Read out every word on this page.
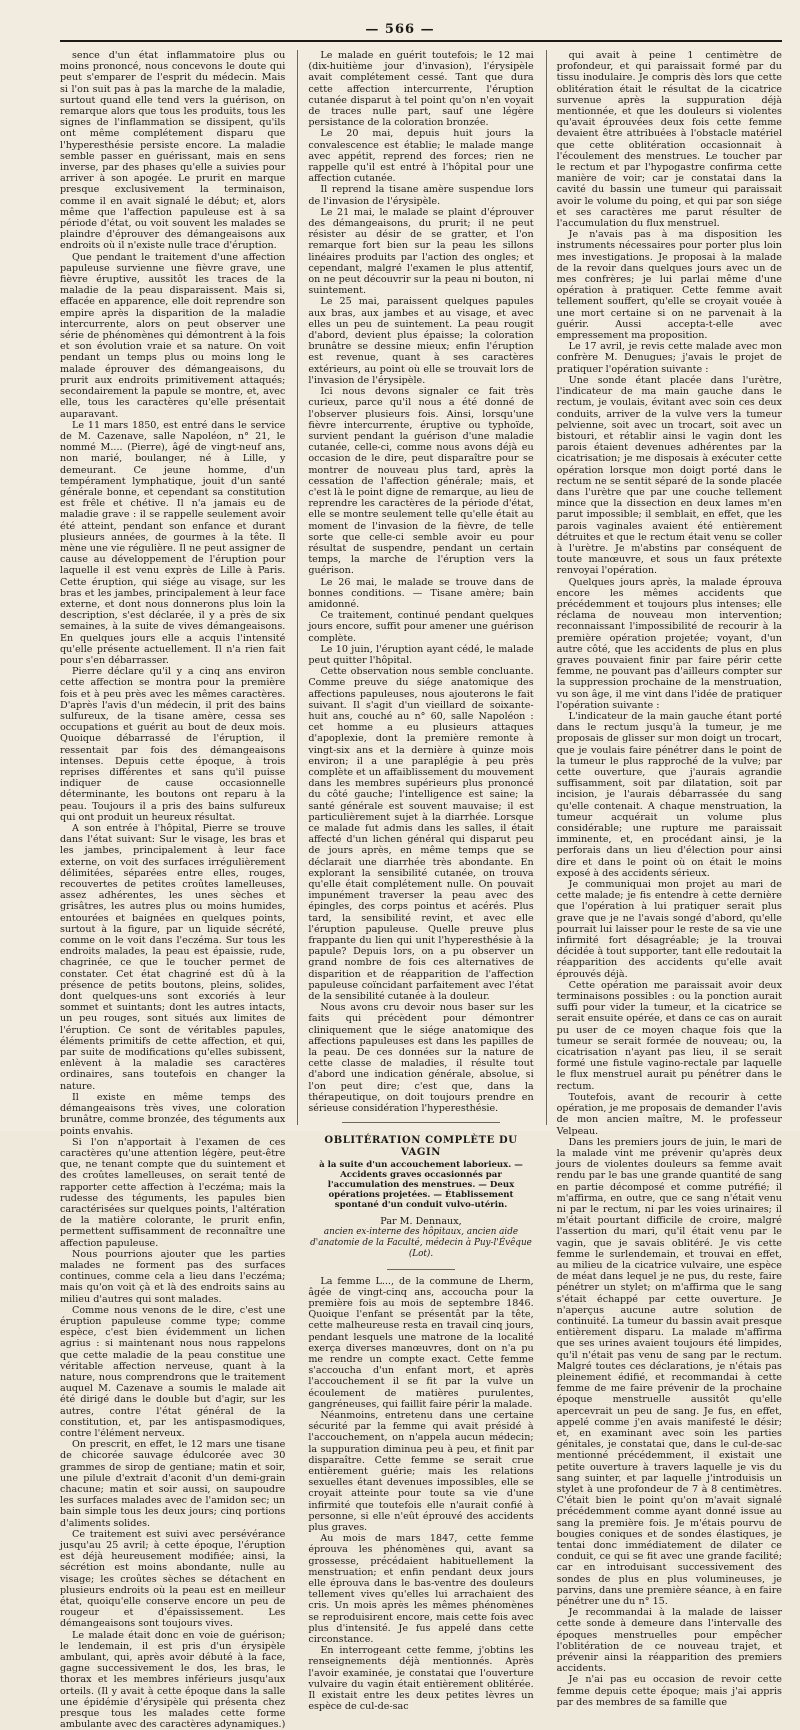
— 566 —

sence d'un état inflammatoire plus ou moins prononcé, nous concevons le doute qui peut s'emparer de l'esprit du médecin. Mais si l'on suit pas à pas la marche de la maladie, surtout quand elle tend vers la guérison, on remarque alors que tous les produits, tous les signes de l'inflammation se dissipent, qu'ils ont même complétement disparu que l'hyperesthésie persiste encore. La maladie semble passer en guérissant, mais en sens inverse, par des phases qu'elle a suivies pour arriver à son apogée. Le prurit en marque presque exclusivement la terminaison, comme il en avait signalé le début; et, alors même que l'affection papuleuse est à sa période d'état, ou voit souvent les malades se plaindre d'éprouver des démangeaisons aux endroits où il n'existe nulle trace d'éruption.

Que pendant le traitement d'une affection papuleuse survienne une fièvre grave, une fièvre éruptive, aussitôt les traces de la maladie de la peau disparaissent. Mais si, effacée en apparence, elle doit reprendre son empire après la disparition de la maladie intercurrente, alors on peut observer une série de phénomènes qui démontrent à la fois et son évolution vraie et sa nature. On voit pendant un temps plus ou moins long le malade éprouver des démangeaisons, du prurit aux endroits primitivement attaqués; secondairement la papule se montre, et, avec elle, tous les caractères qu'elle présentait auparavant.

Le 11 mars 1850, est entré dans le service de M. Cazenave, salle Napoléon, n° 21, le nommé M.... (Pierre), âgé de vingt-neuf ans, non marié, boulanger, né à Lille, y demeurant. Ce jeune homme, d'un tempérament lymphatique, jouit d'un santé générale bonne, et cependant sa constitution est frêle et chétive. Il n'a jamais eu de maladie grave : il se rappelle seulement avoir été atteint, pendant son enfance et durant plusieurs années, de gourmes à la tête. Il mène une vie régulière. Il ne peut assigner de cause au développement de l'éruption pour laquelle il est venu exprès de Lille à Paris. Cette éruption, qui siége au visage, sur les bras et les jambes, principalement à leur face externe, et dont nous donnerons plus loin la description, s'est déclarée, il y a près de six semaines, à la suite de vives démangeaisons. En quelques jours elle a acquis l'intensité qu'elle présente actuellement. Il n'a rien fait pour s'en débarrasser.

Pierre déclare qu'il y a cinq ans environ cette affection se montra pour la première fois et à peu près avec les mêmes caractères. D'après l'avis d'un médecin, il prit des bains sulfureux, de la tisane amère, cessa ses occupations et guérit au bout de deux mois. Quoique débarrassé de l'éruption, il ressentait par fois des démangeaisons intenses. Depuis cette époque, à trois reprises différentes et sans qu'il puisse indiquer de cause occasionnelle déterminante, les boutons ont reparu à la peau. Toujours il a pris des bains sulfureux qui ont produit un heureux résultat.

A son entrée à l'hôpital, Pierre se trouve dans l'état suivant: Sur le visage, les bras et les jambes, principalement à leur face externe, on voit des surfaces irrégulièrement délimitées, séparées entre elles, rouges, recouvertes de petites croûtes lamelleuses, assez adhérentes, les unes sèches et grisâtres, les autres plus ou moins humides, entourées et baignées en quelques points, surtout à la figure, par un liquide sécrété, comme on le voit dans l'eczéma. Sur tous les endroits malades, la peau est épaissie, rude, chagrinée, ce que le toucher permet de constater. Cet état chagriné est dû à la présence de petits boutons, pleins, solides, dont quelques-uns sont excoriés à leur sommet et suintants; dont les autres intacts, un peu rouges, sont situés aux limites de l'éruption. Ce sont de véritables papules, éléments primitifs de cette affection, et qui, par suite de modifications qu'elles subissent, enlèvent à la maladie ses caractères ordinaires, sans toutefois en changer la nature.

Il existe en même temps des démangeaisons très vives, une coloration brunâtre, comme bronzée, des téguments aux points envahis.

Si l'on n'apportait à l'examen de ces caractères qu'une attention légère, peut-être que, ne tenant compte que du suintement et des croûtes lamelleuses, on serait tenté de rapporter cette affection à l'eczéma; mais la rudesse des téguments, les papules bien caractérisées sur quelques points, l'altération de la matière colorante, le prurit enfin, permettent suffisamment de reconnaître une affection papuleuse.

Nous pourrions ajouter que les parties malades ne forment pas des surfaces continues, comme cela a lieu dans l'eczéma; mais qu'on voit çà et là des endroits sains au milieu d'autres qui sont malades.

Comme nous venons de le dire, c'est une éruption papuleuse comme type; comme espèce, c'est bien évidemment un lichen agrius : si maintenant nous nous rappelons que cette maladie de la peau constitue une véritable affection nerveuse, quant à la nature, nous comprendrons que le traitement auquel M. Cazenave a soumis le malade ait été dirigé dans le double but d'agir, sur les autres, contre l'état général de la constitution, et, par les antispasmodiques, contre l'élément nerveux.

On prescrit, en effet, le 12 mars une tisane de chicorée sauvage édulcorée avec 30 grammes de sirop de gentiane; matin et soir, une pilule d'extrait d'aconit d'un demi-grain chacune; matin et soir aussi, on saupoudre les surfaces malades avec de l'amidon sec; un bain simple tous les deux jours; cinq portions d'aliments solides.

Ce traitement est suivi avec persévérance jusqu'au 25 avril; à cette époque, l'éruption est déjà heureusement modifiée; ainsi, la sécrétion est moins abondante, nulle au visage; les croûtes sèches se détachent en plusieurs endroits où la peau est en meilleur état, quoiqu'elle conserve encore un peu de rougeur et d'épaississement. Les démangeaisons sont toujours vives.

Le malade était donc en voie de guérison; le lendemain, il est pris d'un érysipèle ambulant, qui, après avoir débuté à la face, gagne successivement le dos, les bras, le thorax et les membres inférieurs jusqu'aux orteils. (Il y avait à cette époque dans la salle une épidémie d'érysipèle qui présenta chez presque tous les malades cette forme ambulante avec des caractères adynamiques.)

Le malade en guérit toutefois; le 12 mai (dix-huitième jour d'invasion), l'érysipèle avait complétement cessé. Tant que dura cette affection intercurrente, l'éruption cutanée disparut à tel point qu'on n'en voyait de traces nulle part, sauf une légère persistance de la coloration bronzée.

Le 20 mai, depuis huit jours la convalescence est établie; le malade mange avec appétit, reprend des forces; rien ne rappelle qu'il est entré à l'hôpital pour une affection cutanée.

Il reprend la tisane amère suspendue lors de l'invasion de l'érysipèle.

Le 21 mai, le malade se plaint d'éprouver des démangeaisons, du prurit; il ne peut résister au désir de se gratter, et l'on remarque fort bien sur la peau les sillons linéaires produits par l'action des ongles; et cependant, malgré l'examen le plus attentif, on ne peut découvrir sur la peau ni bouton, ni suintement.

Le 25 mai, paraissent quelques papules aux bras, aux jambes et au visage, et avec elles un peu de suintement. La peau rougit d'abord, devient plus épaisse; la coloration brunâtre se dessine mieux; enfin l'éruption est revenue, quant à ses caractères extérieurs, au point où elle se trouvait lors de l'invasion de l'érysipèle.

Ici nous devons signaler ce fait très curieux, parce qu'il nous a été donné de l'observer plusieurs fois. Ainsi, lorsqu'une fièvre intercurrente, éruptive ou typhoïde, survient pendant la guérison d'une maladie cutanée, celle-ci, comme nous avons déjà eu occasion de le dire, peut disparaître pour se montrer de nouveau plus tard, après la cessation de l'affection générale; mais, et c'est là le point digne de remarque, au lieu de reprendre les caractères de la période d'état, elle se montre seulement telle qu'elle était au moment de l'invasion de la fièvre, de telle sorte que celle-ci semble avoir eu pour résultat de suspendre, pendant un certain temps, la marche de l'éruption vers la guérison.

Le 26 mai, le malade se trouve dans de bonnes conditions. — Tisane amère; bain amidonné.

Ce traitement, continué pendant quelques jours encore, suffit pour amener une guérison complète.

Le 10 juin, l'éruption ayant cédé, le malade peut quitter l'hôpital.

Cette observation nous semble concluante. Comme preuve du siége anatomique des affections papuleuses, nous ajouterons le fait suivant. Il s'agit d'un vieillard de soixante-huit ans, couché au n° 60, salle Napoléon : cet homme a eu plusieurs attaques d'apoplexie, dont la première remonte à vingt-six ans et la dernière à quinze mois environ; il a une paraplégie à peu près complète et un affaiblissement du mouvement dans les membres supérieurs plus prononcé du côté gauche; l'intelligence est saine; la santé générale est souvent mauvaise; il est particulièrement sujet à la diarrhée. Lorsque ce malade fut admis dans les salles, il était affecté d'un lichen général qui disparut peu de jours après, en même temps que se déclarait une diarrhée très abondante. En explorant la sensibilité cutanée, on trouva qu'elle était complétement nulle. On pouvait impunément traverser la peau avec des épingles, des corps pointus et acérés. Plus tard, la sensibilité revint, et avec elle l'éruption papuleuse. Quelle preuve plus frappante du lien qui unit l'hyperesthésie à la papule? Depuis lors, on a pu observer un grand nombre de fois ces alternatives de disparition et de réapparition de l'affection papuleuse coïncidant parfaitement avec l'état de la sensibilité cutanée à la douleur.

Nous avons cru devoir nous baser sur les faits qui précèdent pour démontrer cliniquement que le siége anatomique des affections papuleuses est dans les papilles de la peau. De ces données sur la nature de cette classe de maladies, il résulte tout d'abord une indication générale, absolue, si l'on peut dire; c'est que, dans la thérapeutique, on doit toujours prendre en sérieuse considération l'hyperesthésie.

OBLITÉRATION COMPLÈTE DU VAGIN
à la suite d'un accouchement laborieux. — Accidents graves occasionnés par l'accumulation des menstrues. — Deux opérations projetées. — Établissement spontané d'un conduit vulvo-utérin.
Par M. Dennaux,
ancien ex-interne des hôpitaux, ancien aide d'anatomie de la Faculté, médecin à Puy-l'Évêque (Lot).

La femme L..., de la commune de Lherm, âgée de vingt-cinq ans, accoucha pour la première fois au mois de septembre 1846. Quoique l'enfant se présentât par la tête, cette malheureuse resta en travail cinq jours, pendant lesquels une matrone de la localité exerça diverses manœuvres, dont on n'a pu me rendre un compte exact. Cette femme s'accoucha d'un enfant mort, et après l'accouchement il se fit par la vulve un écoulement de matières purulentes, gangréneuses, qui faillit faire périr la malade.

Néanmoins, entretenu dans une certaine sécurité par la femme qui avait présidé à l'accouchement, on n'appela aucun médecin; la suppuration diminua peu à peu, et finit par disparaître. Cette femme se serait crue entièrement guérie; mais les relations sexuelles étant devenues impossibles, elle se croyait atteinte pour toute sa vie d'une infirmité que toutefois elle n'aurait confié à personne, si elle n'eût éprouvé des accidents plus graves.

Au mois de mars 1847, cette femme éprouva les phénomènes qui, avant sa grossesse, précédaient habituellement la menstruation; et enfin pendant deux jours elle éprouva dans le bas-ventre des douleurs tellement vives qu'elles lui arrachaient des cris. Un mois après les mêmes phénomènes se reproduisirent encore, mais cette fois avec plus d'intensité. Je fus appelé dans cette circonstance.

En interrogeant cette femme, j'obtins les renseignements déjà mentionnés. Après l'avoir examinée, je constatai que l'ouverture vulvaire du vagin était entièrement oblitérée. Il existait entre les deux petites lèvres un espèce de cul-de-sac

qui avait à peine 1 centimètre de profondeur, et qui paraissait formé par du tissu inodulaire. Je compris dès lors que cette oblitération était le résultat de la cicatrice survenue après la suppuration déjà mentionnée, et que les douleurs si violentes qu'avait éprouvées deux fois cette femme devaient être attribuées à l'obstacle matériel que cette oblitération occasionnait à l'écoulement des menstrues. Le toucher par le rectum et par l'hypogastre confirma cette manière de voir; car je constatai dans la cavité du bassin une tumeur qui paraissait avoir le volume du poing, et qui par son siége et ses caractères me parut résulter de l'accumulation du flux menstruel.

Je n'avais pas à ma disposition les instruments nécessaires pour porter plus loin mes investigations. Je proposai à la malade de la revoir dans quelques jours avec un de mes confrères; je lui parlai même d'une opération à pratiquer. Cette femme avait tellement souffert, qu'elle se croyait vouée à une mort certaine si on ne parvenait à la guérir. Aussi accepta-t-elle avec empressement ma proposition.

Le 17 avril, je revis cette malade avec mon confrère M. Denugues; j'avais le projet de pratiquer l'opération suivante :

Une sonde étant placée dans l'urètre, l'indicateur de ma main gauche dans le rectum, je voulais, évitant avec soin ces deux conduits, arriver de la vulve vers la tumeur pelvienne, soit avec un trocart, soit avec un bistouri, et rétablir ainsi le vagin dont les parois étaient devenues adhérentes par la cicatrisation; je me disposais à exécuter cette opération lorsque mon doigt porté dans le rectum ne se sentit séparé de la sonde placée dans l'urètre que par une couche tellement mince que la dissection en deux lames m'en parut impossible; il semblait, en effet, que les parois vaginales avaient été entièrement détruites et que le rectum était venu se coller à l'urètre. Je m'abstins par conséquent de toute manœuvre, et sous un faux prétexte renvoyai l'opération.

Quelques jours après, la malade éprouva encore les mêmes accidents que précédemment et toujours plus intenses; elle réclama de nouveau mon intervention; reconnaissant l'impossibilité de recourir à la première opération projetée; voyant, d'un autre côté, que les accidents de plus en plus graves pouvaient finir par faire périr cette femme, ne pouvant pas d'ailleurs compter sur la suppression prochaine de la menstruation, vu son âge, il me vint dans l'idée de pratiquer l'opération suivante :

L'indicateur de la main gauche étant porté dans le rectum jusqu'à la tumeur, je me proposais de glisser sur mon doigt un trocart, que je voulais faire pénétrer dans le point de la tumeur le plus rapproché de la vulve; par cette ouverture, que j'aurais agrandie suffisamment, soit par dilatation, soit par incision, je l'aurais débarrassée du sang qu'elle contenait. A chaque menstruation, la tumeur acquérait un volume plus considérable; une rupture me paraissait imminente, et, en procédant ainsi, je la perforais dans un lieu d'élection pour ainsi dire et dans le point où on était le moins exposé à des accidents sérieux.

Je communiquai mon projet au mari de cette malade; je fis entendre à cette dernière que l'opération à lui pratiquer serait plus grave que je ne l'avais songé d'abord, qu'elle pourrait lui laisser pour le reste de sa vie une infirmité fort désagréable; je la trouvai décidée à tout supporter, tant elle redoutait la réapparition des accidents qu'elle avait éprouvés déjà.

Cette opération me paraissait avoir deux terminaisons possibles : ou la ponction aurait suffi pour vider la tumeur, et la cicatrice se serait ensuite opérée, et dans ce cas on aurait pu user de ce moyen chaque fois que la tumeur se serait formée de nouveau; ou, la cicatrisation n'ayant pas lieu, il se serait formé une fistule vagino-rectale par laquelle le flux menstruel aurait pu pénétrer dans le rectum.

Toutefois, avant de recourir à cette opération, je me proposais de demander l'avis de mon ancien maître, M. le professeur Velpeau.

Dans les premiers jours de juin, le mari de la malade vint me prévenir qu'après deux jours de violentes douleurs sa femme avait rendu par le bas une grande quantité de sang en partie décomposé et comme putréfié; il m'affirma, en outre, que ce sang n'était venu ni par le rectum, ni par les voies urinaires; il m'était pourtant difficile de croire, malgré l'assertion du mari, qu'il était venu par le vagin, que je savais oblitéré. Je vis cette femme le surlendemain, et trouvai en effet, au milieu de la cicatrice vulvaire, une espèce de méat dans lequel je ne pus, du reste, faire pénétrer un stylet; on m'affirma que le sang s'était échappé par cette ouverture. Je n'aperçus aucune autre solution de continuité. La tumeur du bassin avait presque entièrement disparu. La malade m'affirma que ses urines avaient toujours été limpides, qu'il n'était pas venu de sang par le rectum. Malgré toutes ces déclarations, je n'étais pas pleinement édifié, et recommandai à cette femme de me faire prévenir de la prochaine époque menstruelle aussitôt qu'elle apercevrait un peu de sang. Je fus, en effet, appelé comme j'en avais manifesté le désir; et, en examinant avec soin les parties génitales, je constatai que, dans le cul-de-sac mentionné précédemment, il existait une petite ouverture à travers laquelle je vis du sang suinter, et par laquelle j'introduisis un stylet à une profondeur de 7 à 8 centimètres. C'était bien le point qu'on m'avait signalé précédemment comme ayant donné issue au sang la première fois. Je m'étais pourvu de bougies coniques et de sondes élastiques, je tentai donc immédiatement de dilater ce conduit, ce qui se fit avec une grande facilité; car en introduisant successivement des sondes de plus en plus volumineuses, je parvins, dans une première séance, à en faire pénétrer une du n° 15.

Je recommandai à la malade de laisser cette sonde à demeure dans l'intervalle des époques menstruelles pour empêcher l'oblitération de ce nouveau trajet, et prévenir ainsi la réapparition des premiers accidents.

Je n'ai pas eu occasion de revoir cette femme depuis cette époque; mais j'ai appris par des membres de sa famille que
